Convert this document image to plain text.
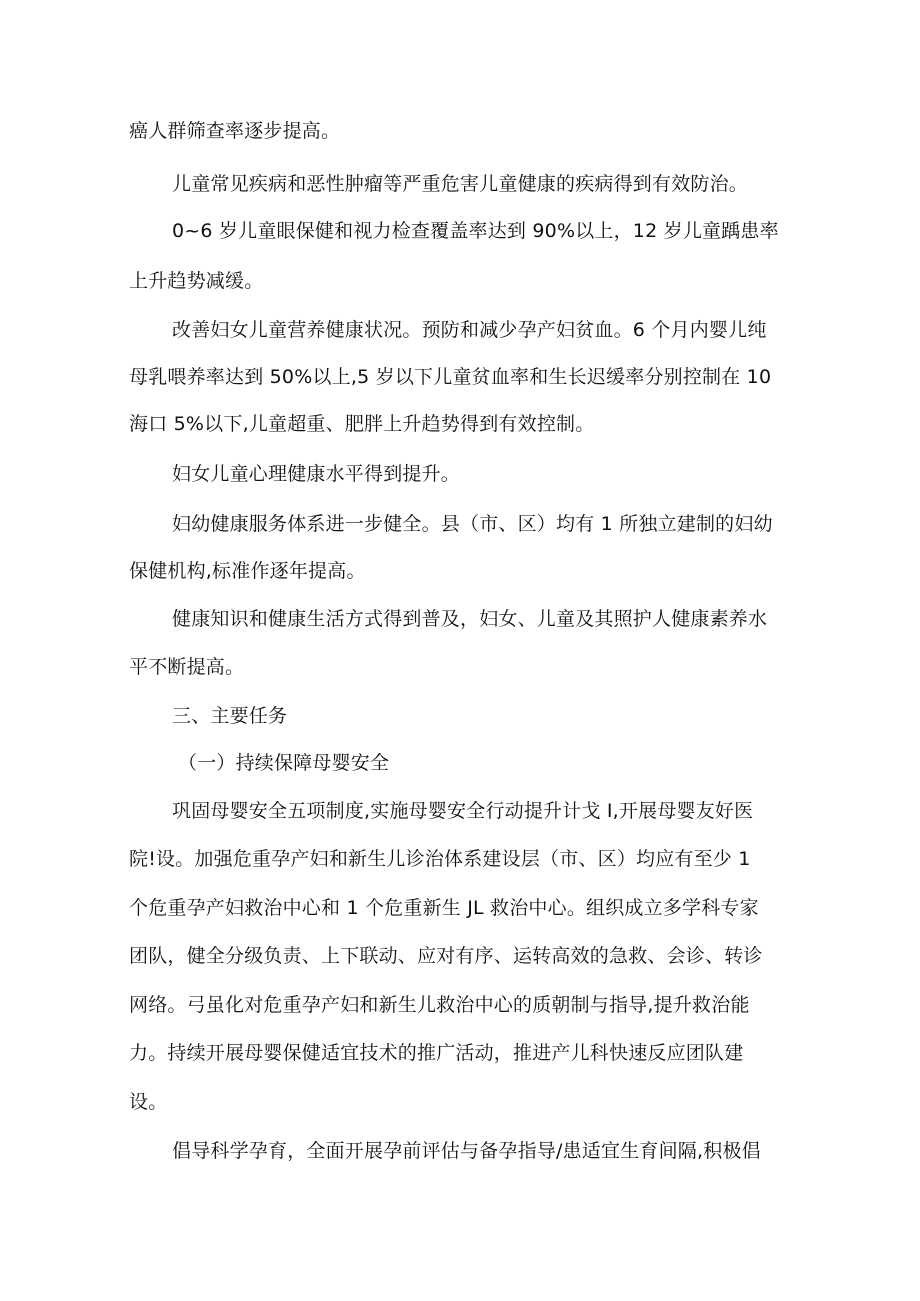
癌人群筛查率逐步提高。
儿童常见疾病和恶性肿瘤等严重危害儿童健康的疾病得到有效防治。
0~6 岁儿童眼保健和视力检查覆盖率达到 90%以上，12 岁儿童踽患率
上升趋势减缓。
改善妇女儿童营养健康状况。预防和减少孕产妇贫血。6 个月内婴儿纯
母乳喂养率达到 50%以上,5 岁以下儿童贫血率和生长迟缓率分别控制在 10
海口 5%以下,儿童超重、肥胖上升趋势得到有效控制。
妇女儿童心理健康水平得到提升。
妇幼健康服务体系进一步健全。县（市、区）均有 1 所独立建制的妇幼
保健机构,标准作逐年提高。
健康知识和健康生活方式得到普及，妇女、儿童及其照护人健康素养水
平不断提高。
三、主要任务
（一）持续保障母婴安全
巩固母婴安全五项制度,实施母婴安全行动提升计戈 I,开展母婴友好医
院!设。加强危重孕产妇和新生儿诊治体系建设层（市、区）均应有至少 1
个危重孕产妇救治中心和 1 个危重新生 JL 救治中心。组织成立多学科专家
团队，健全分级负责、上下联动、应对有序、运转高效的急救、会诊、转诊
网络。弓虽化对危重孕产妇和新生儿救治中心的质朝制与指导,提升救治能
力。持续开展母婴保健适宜技术的推广活动，推进产儿科快速反应团队建
设。
倡导科学孕育，全面开展孕前评估与备孕指导/患适宜生育间隔,积极倡
